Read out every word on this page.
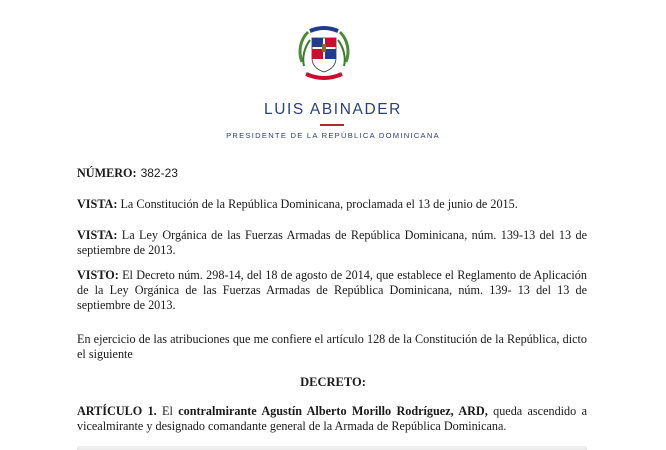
LUIS ABINADER
PRESIDENTE DE LA REPÚBLICA DOMINICANA

NÚMERO: 382-23

VISTA: La Constitución de la República Dominicana, proclamada el 13 de junio de 2015.

VISTA: La Ley Orgánica de las Fuerzas Armadas de República Dominicana, núm. 139-13 del 13 de septiembre de 2013.

VISTO: El Decreto núm. 298-14, del 18 de agosto de 2014, que establece el Reglamento de Aplicación de la Ley Orgánica de las Fuerzas Armadas de República Dominicana, núm. 139- 13 del 13 de septiembre de 2013.

En ejercicio de las atribuciones que me confiere el artículo 128 de la Constitución de la República, dicto el siguiente

DECRETO:

ARTÍCULO 1. El contralmirante Agustín Alberto Morillo Rodríguez, ARD, queda ascendido a vicealmirante y designado comandante general de la Armada de República Dominicana.
